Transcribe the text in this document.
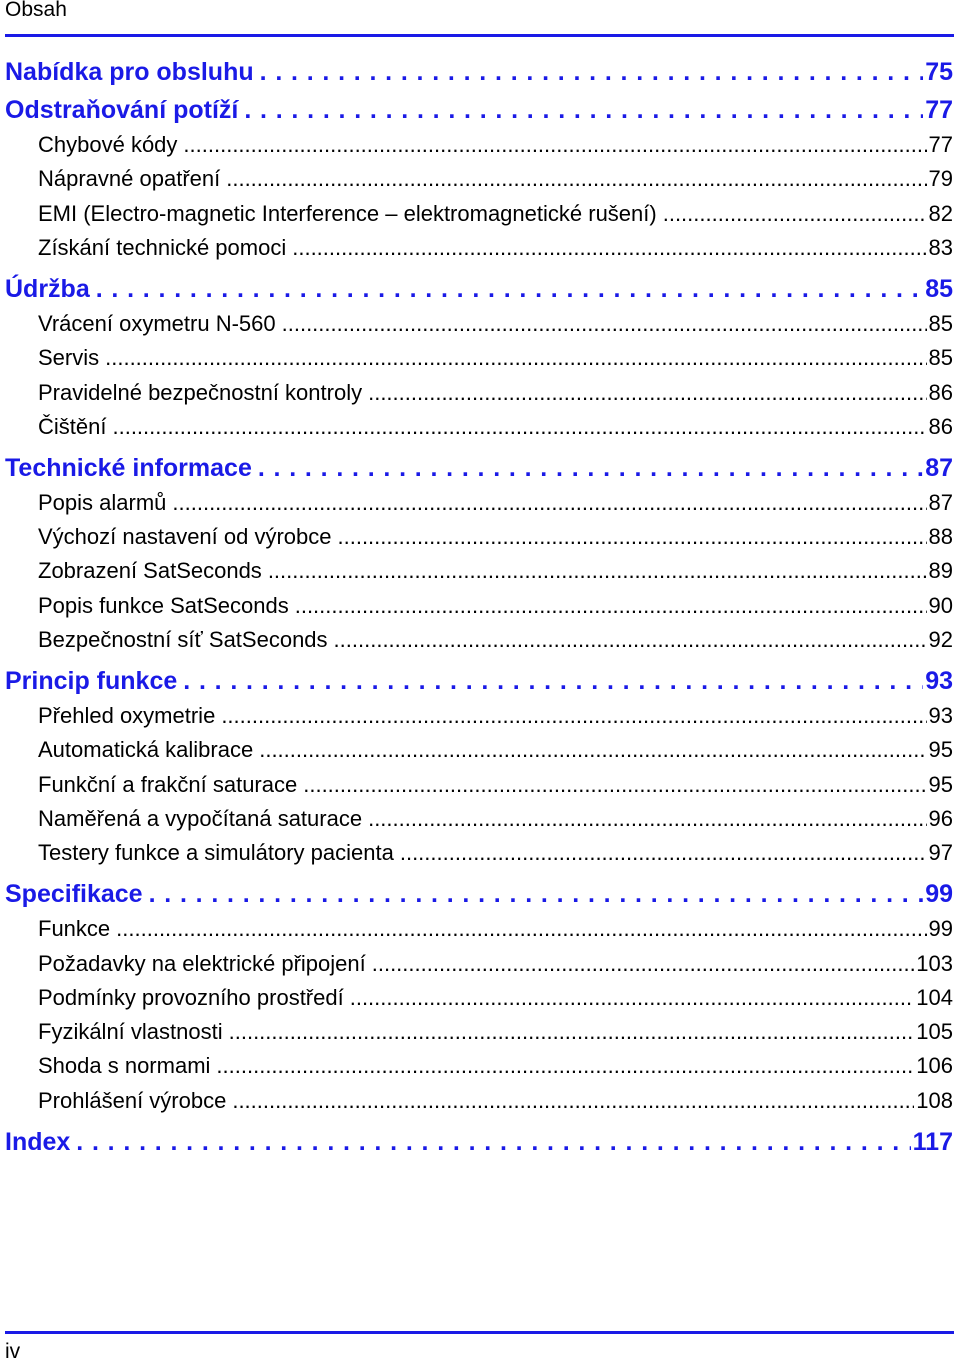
Obsah
Nabídka pro obsluhu . . .	75
Odstraňování potíží . . .	77
Chybové kódy .....	77
Nápravné opatření .....	79
EMI (Electro-magnetic Interference – elektromagnetické rušení) .....	82
Získání technické pomoci .....	83
Údržba . . .	85
Vrácení oxymetru N-560 .....	85
Servis .....	85
Pravidelné bezpečnostní kontroly .....	86
Čištění .....	86
Technické informace . . .	87
Popis alarmů .....	87
Výchozí nastavení od výrobce .....	88
Zobrazení SatSeconds .....	89
Popis funkce SatSeconds .....	90
Bezpečnostní síť SatSeconds .....	92
Princip funkce . . .	93
Přehled oxymetrie .....	93
Automatická kalibrace .....	95
Funkční a frakční saturace .....	95
Naměřená a vypočítaná saturace .....	96
Testery funkce a simulátory pacienta .....	97
Specifikace . . .	99
Funkce .....	99
Požadavky na elektrické připojení .....	103
Podmínky provozního prostředí .....	104
Fyzikální vlastnosti .....	105
Shoda s normami .....	106
Prohlášení výrobce .....	108
Index . . .	117
iv
